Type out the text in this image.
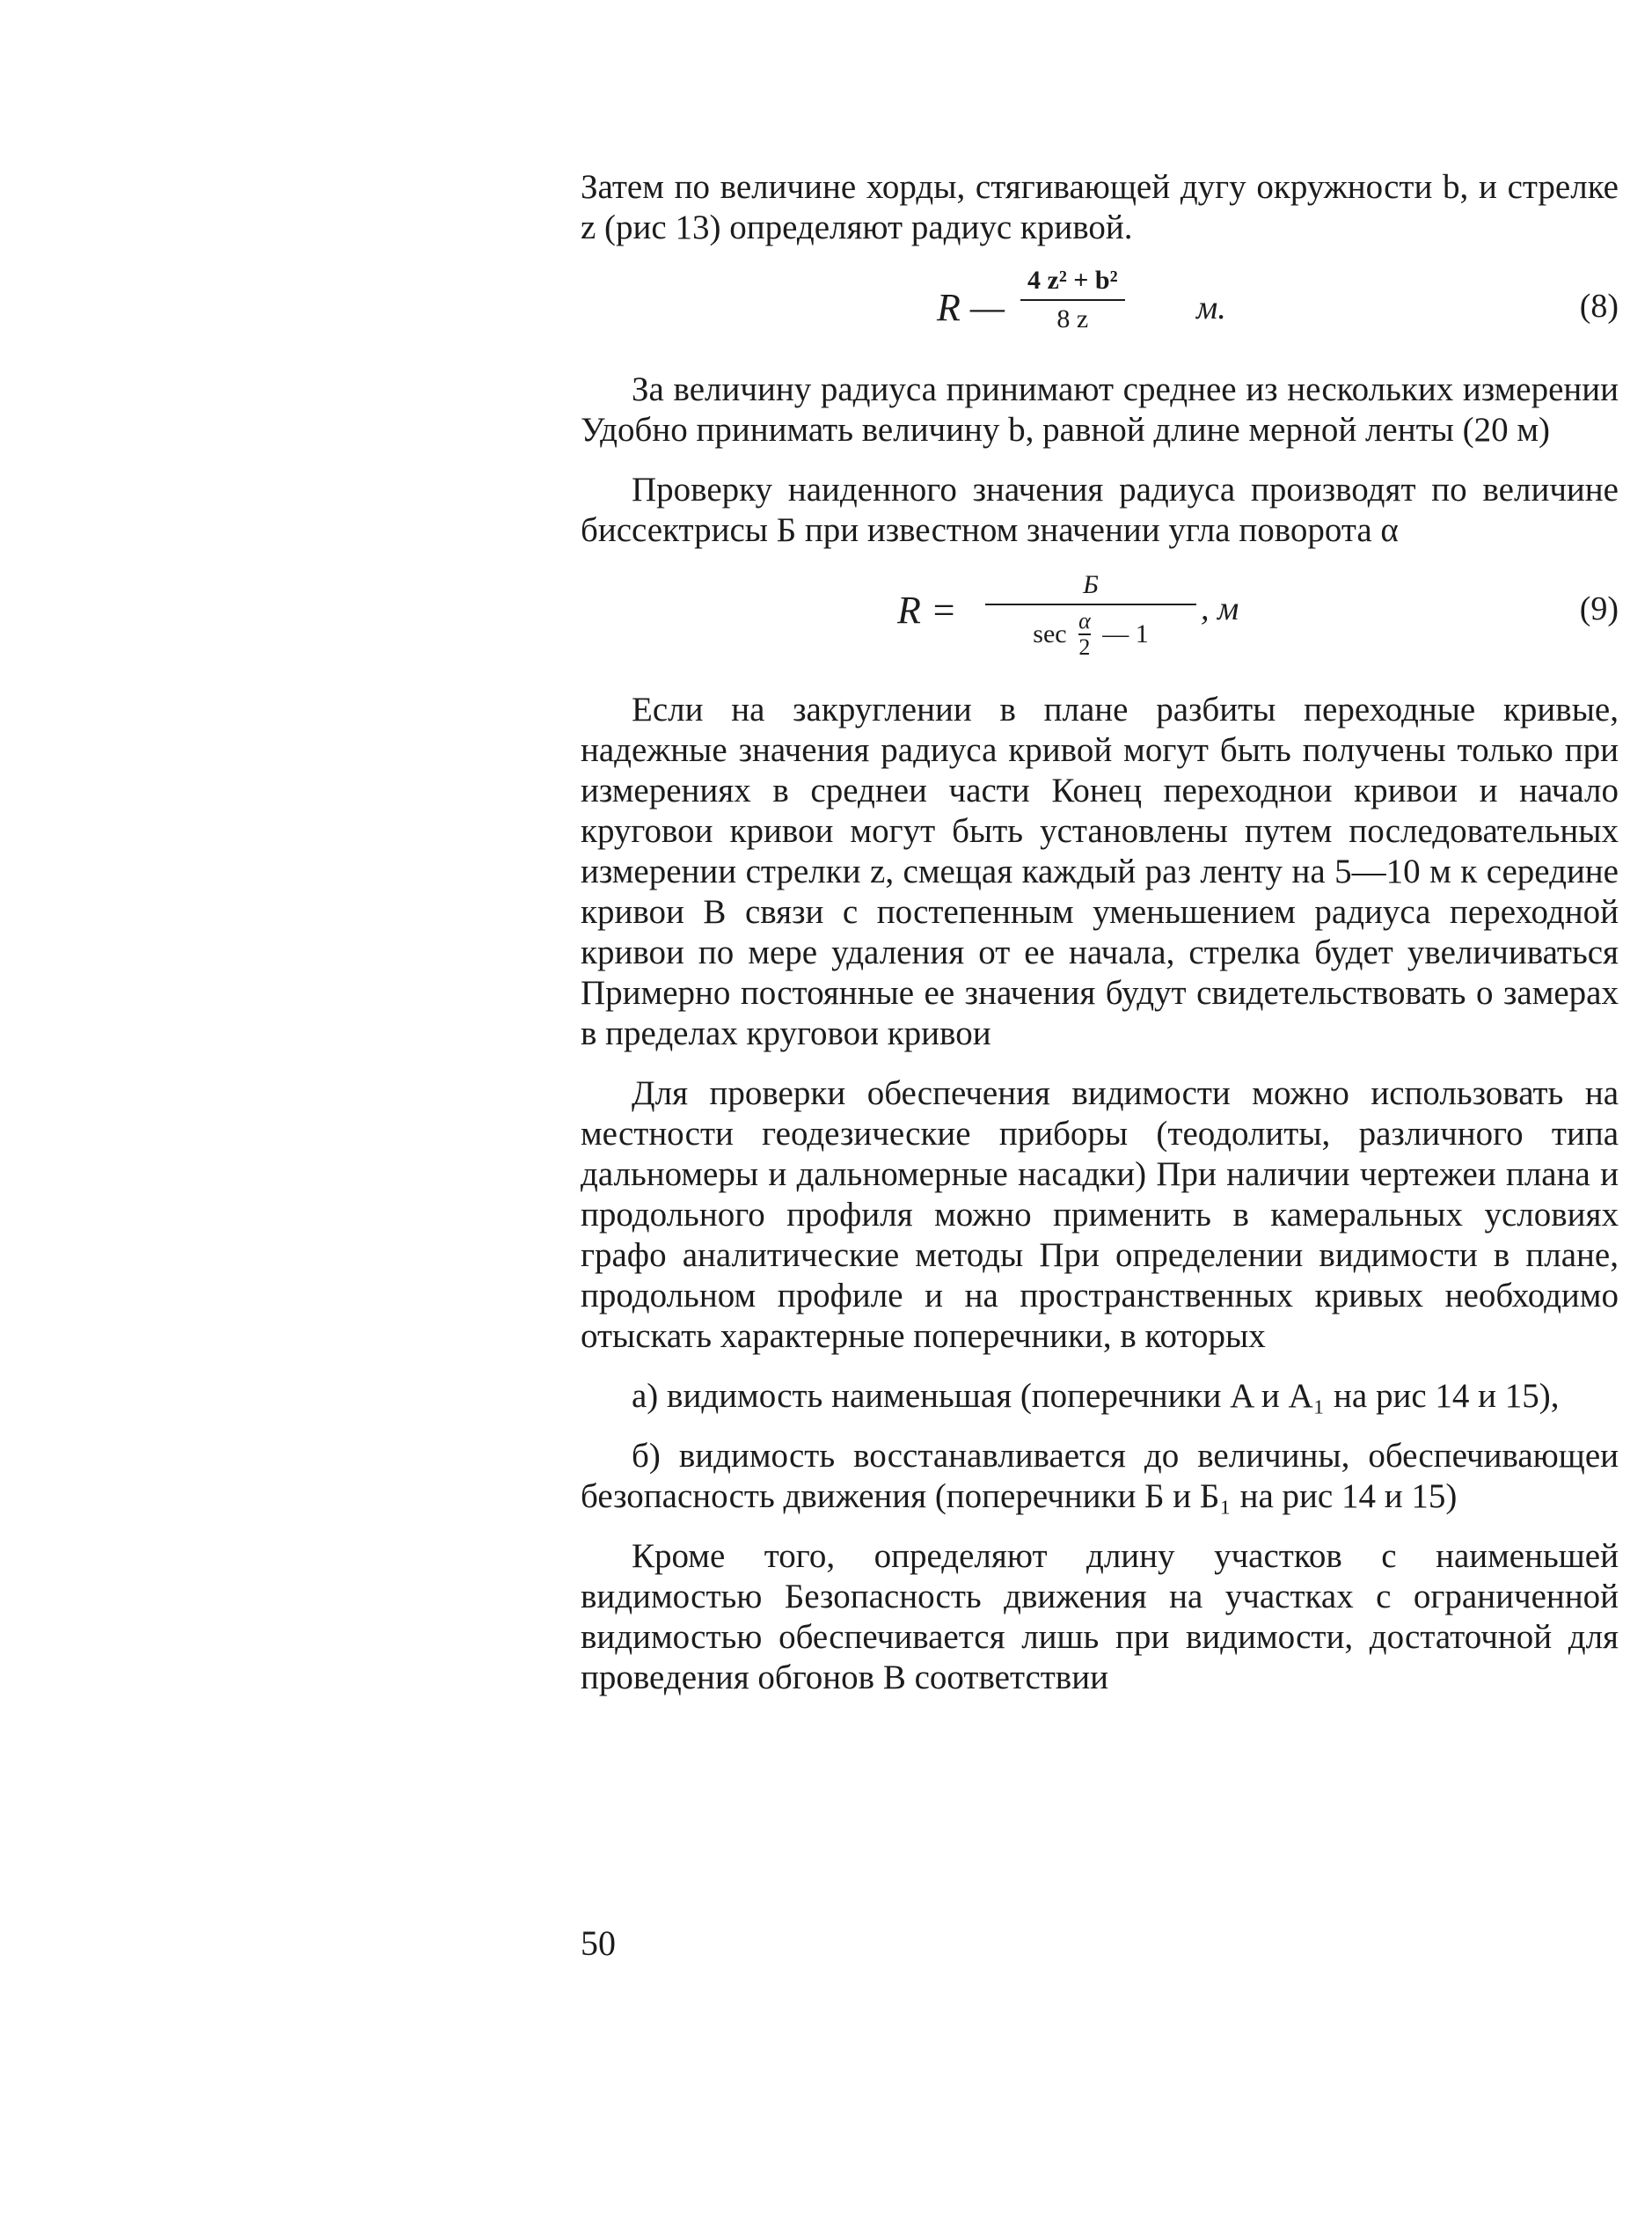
Затем по величине хорды, стягивающей дугу окружности b, и стрелке z (рис 13) определяют радиус кривой.

R — $\frac{\text{4 z² + b²}}{8 z} м$.	(8)

За величину радиуса принимают среднее из нескольких измерении Удобно принимать величину b, равной длине мерной ленты (20 м)

Проверку наиденного значения радиуса производят по величине биссектрисы Б при известном значении угла поворота α

R =
Б
$\sec \frac{\alpha}{2}$ — 1
, м	(9)

Если на закруглении в плане разбиты переходные кривые, надежные значения радиуса кривой могут быть получены только при измерениях в среднеи части Конец переходнои кривои и начало круговои кривои могут быть установлены путем последовательных измерении стрелки z, смещая каждый раз ленту на 5—10 м к середине кривои В связи с постепенным уменьшением радиуса переходной кривои по мере удаления от ее начала, стрелка будет увеличиваться Примерно постоянные ее значения будут свидетельствовать о замерах в пределах круговои кривои

Для проверки обеспечения видимости можно использовать на местности геодезические приборы (теодолиты, различного типа дальномеры и дальномерные насадки) При наличии чертежеи плана и продольного профиля можно применить в камеральных условиях графо аналитические методы При определении видимости в плане, продольном профиле и на пространственных кривых необходимо отыскать характерные поперечники, в которых

а) видимость наименьшая (поперечники A и A₁ на рис 14 и 15),

б) видимость восстанавливается до величины, обеспечивающеи безопасность движения (поперечники Б и Б₁ на рис 14 и 15)

Кроме того, определяют длину участков с наименьшей видимостью Безопасность движения на участках с ограниченной видимостью обеспечивается лишь при видимости, достаточной для проведения обгонов В соответствии

50
